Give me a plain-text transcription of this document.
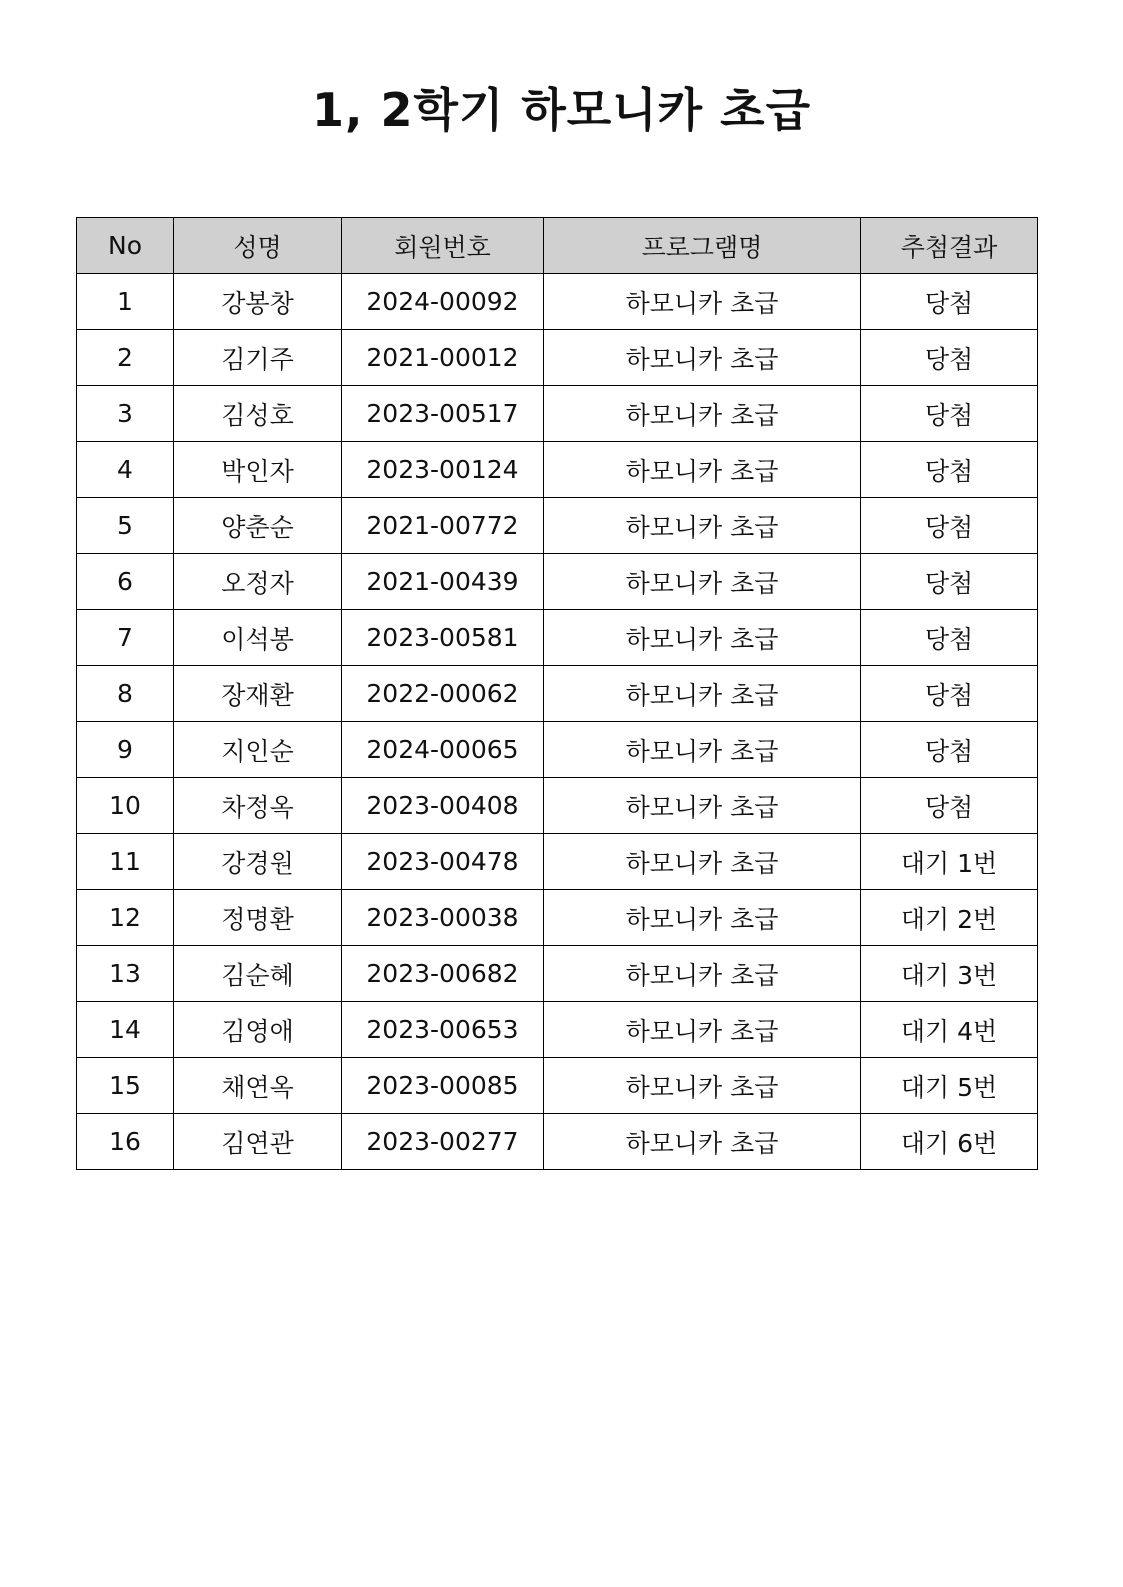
1, 2학기 하모니카 초급
No	성명	회원번호	프로그램명	추첨결과
1	강봉창	2024-00092	하모니카 초급	당첨
2	김기주	2021-00012	하모니카 초급	당첨
3	김성호	2023-00517	하모니카 초급	당첨
4	박인자	2023-00124	하모니카 초급	당첨
5	양춘순	2021-00772	하모니카 초급	당첨
6	오정자	2021-00439	하모니카 초급	당첨
7	이석봉	2023-00581	하모니카 초급	당첨
8	장재환	2022-00062	하모니카 초급	당첨
9	지인순	2024-00065	하모니카 초급	당첨
10	차정옥	2023-00408	하모니카 초급	당첨
11	강경원	2023-00478	하모니카 초급	대기 1번
12	정명환	2023-00038	하모니카 초급	대기 2번
13	김순혜	2023-00682	하모니카 초급	대기 3번
14	김영애	2023-00653	하모니카 초급	대기 4번
15	채연옥	2023-00085	하모니카 초급	대기 5번
16	김연관	2023-00277	하모니카 초급	대기 6번
